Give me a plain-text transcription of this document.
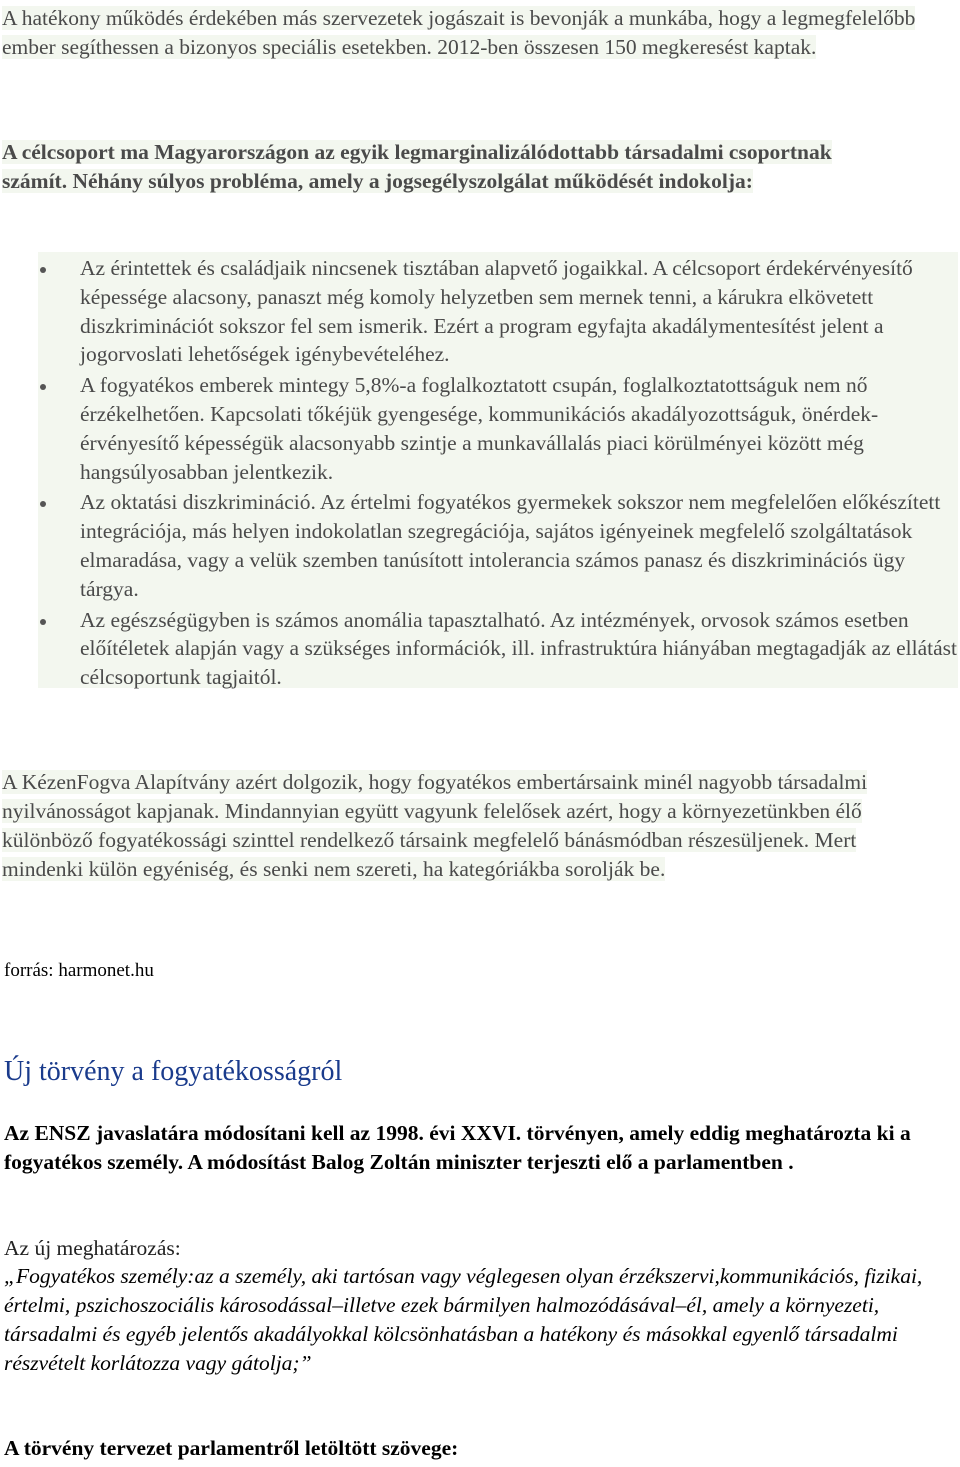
A hatékony működés érdekében más szervezetek jogászait is bevonják a munkába, hogy a legmegfelelőbb ember segíthessen a bizonyos speciális esetekben. 2012-ben összesen 150 megkeresést kaptak.

A célcsoport ma Magyarországon az egyik legmarginalizálódottabb társadalmi csoportnak számít. Néhány súlyos probléma, amely a jogsegélyszolgálat működését indokolja:

Az érintettek és családjaik nincsenek tisztában alapvető jogaikkal. A célcsoport érdekérvényesítő képessége alacsony, panaszt még komoly helyzetben sem mernek tenni, a kárukra elkövetett diszkriminációt sokszor fel sem ismerik. Ezért a program egyfajta akadálymentesítést jelent a jogorvoslati lehetőségek igénybevételéhez.
A fogyatékos emberek mintegy 5,8%-a foglalkoztatott csupán, foglalkoztatottságuk nem nő érzékelhetően. Kapcsolati tőkéjük gyengesége, kommunikációs akadályozottságuk, önérdek-érvényesítő képességük alacsonyabb szintje a munkavállalás piaci körülményei között még hangsúlyosabban jelentkezik.
Az oktatási diszkrimináció. Az értelmi fogyatékos gyermekek sokszor nem megfelelően előkészített integrációja, más helyen indokolatlan szegregációja, sajátos igényeinek megfelelő szolgáltatások elmaradása, vagy a velük szemben tanúsított intolerancia számos panasz és diszkriminációs ügy tárgya.
Az egészségügyben is számos anomália tapasztalható. Az intézmények, orvosok számos esetben előítéletek alapján vagy a szükséges információk, ill. infrastruktúra hiányában megtagadják az ellátást célcsoportunk tagjaitól.

A KézenFogva Alapítvány azért dolgozik, hogy fogyatékos embertársaink minél nagyobb társadalmi nyilvánosságot kapjanak. Mindannyian együtt vagyunk felelősek azért, hogy a környezetünkben élő különböző fogyatékossági szinttel rendelkező társaink megfelelő bánásmódban részesüljenek. Mert mindenki külön egyéniség, és senki nem szereti, ha kategóriákba sorolják be.

forrás: harmonet.hu
Új törvény a fogyatékosságról

Az ENSZ javaslatára módosítani kell az 1998. évi XXVI. törvényen, amely eddig meghatározta ki a fogyatékos személy. A módosítást Balog Zoltán miniszter terjeszti elő a parlamentben .

Az új meghatározás:

„Fogyatékos személy:az a személy, aki tartósan vagy véglegesen olyan érzékszervi,kommunikációs, fizikai, értelmi, pszichoszociális károsodással–illetve ezek bármilyen halmozódásával–él, amely a környezeti, társadalmi és egyéb jelentős akadályokkal kölcsönhatásban a hatékony és másokkal egyenlő társadalmi részvételt korlátozza vagy gátolja;”

A törvény tervezet parlamentről letöltött szövege:
